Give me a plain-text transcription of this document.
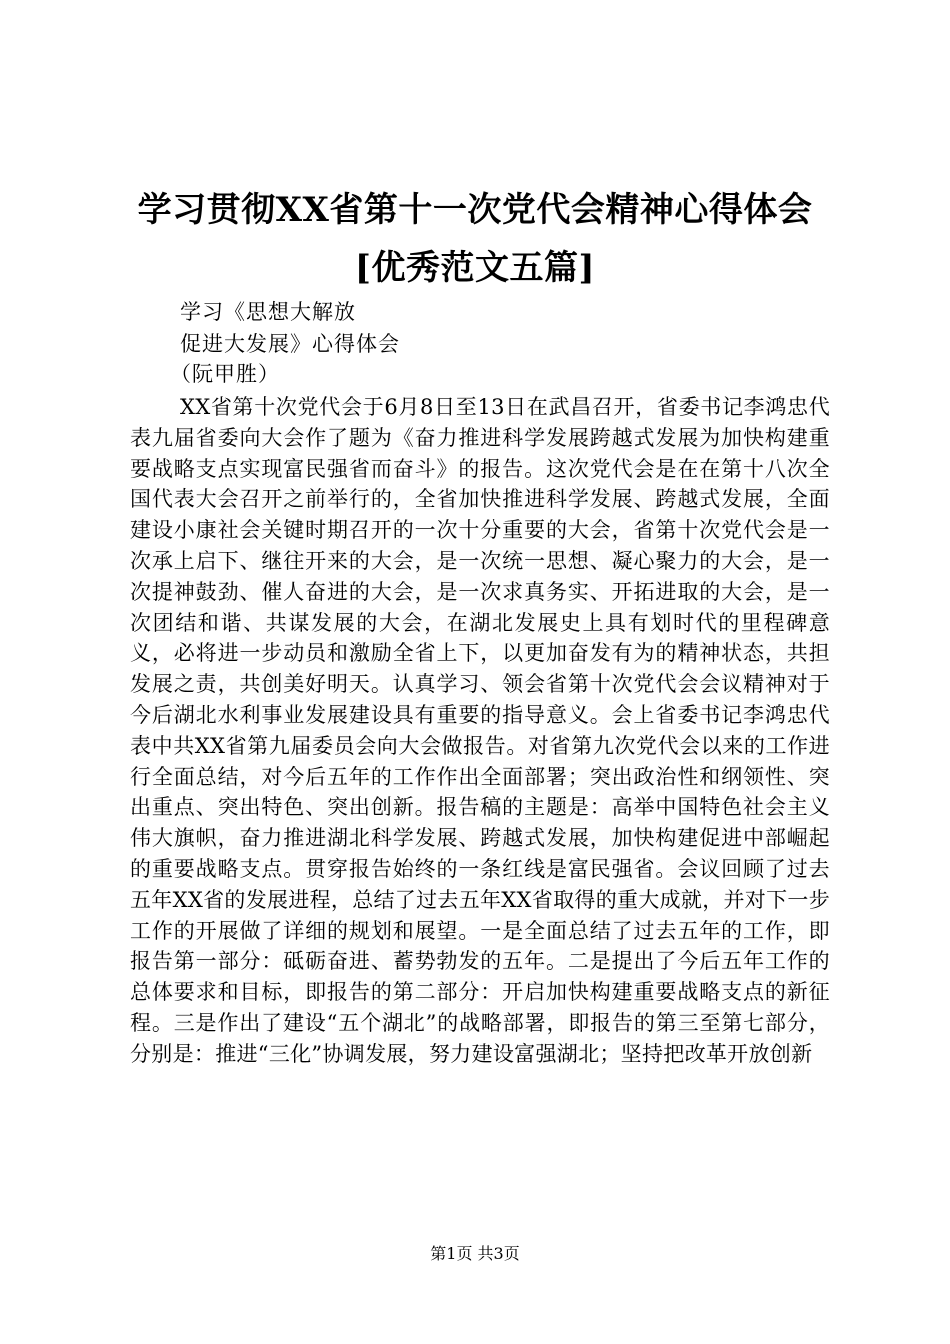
学习贯彻XX省第十一次党代会精神心得体会
[优秀范文五篇]
学习《思想大解放
促进大发展》心得体会
（阮甲胜）

XX省第十次党代会于6月8日至13日在武昌召开，省委书记李鸿忠代表九届省委向大会作了题为《奋力推进科学发展跨越式发展为加快构建重要战略支点实现富民强省而奋斗》的报告。这次党代会是在在第十八次全国代表大会召开之前举行的，全省加快推进科学发展、跨越式发展，全面建设小康社会关键时期召开的一次十分重要的大会，省第十次党代会是一次承上启下、继往开来的大会，是一次统一思想、凝心聚力的大会，是一次提神鼓劲、催人奋进的大会，是一次求真务实、开拓进取的大会，是一次团结和谐、共谋发展的大会，在湖北发展史上具有划时代的里程碑意义，必将进一步动员和激励全省上下，以更加奋发有为的精神状态，共担发展之责，共创美好明天。认真学习、领会省第十次党代会会议精神对于今后湖北水利事业发展建设具有重要的指导意义。会上省委书记李鸿忠代表中共XX省第九届委员会向大会做报告。对省第九次党代会以来的工作进行全面总结，对今后五年的工作作出全面部署；突出政治性和纲领性、突出重点、突出特色、突出创新。报告稿的主题是：高举中国特色社会主义伟大旗帜，奋力推进湖北科学发展、跨越式发展，加快构建促进中部崛起的重要战略支点。贯穿报告始终的一条红线是富民强省。会议回顾了过去五年XX省的发展进程，总结了过去五年XX省取得的重大成就，并对下一步工作的开展做了详细的规划和展望。一是全面总结了过去五年的工作，即报告第一部分：砥砺奋进、蓄势勃发的五年。二是提出了今后五年工作的总体要求和目标，即报告的第二部分：开启加快构建重要战略支点的新征程。三是作出了建设“五个湖北”的战略部署，即报告的第三至第七部分，分别是：推进“三化”协调发展，努力建设富强湖北；坚持把改革开放创新

第1页 共3页
